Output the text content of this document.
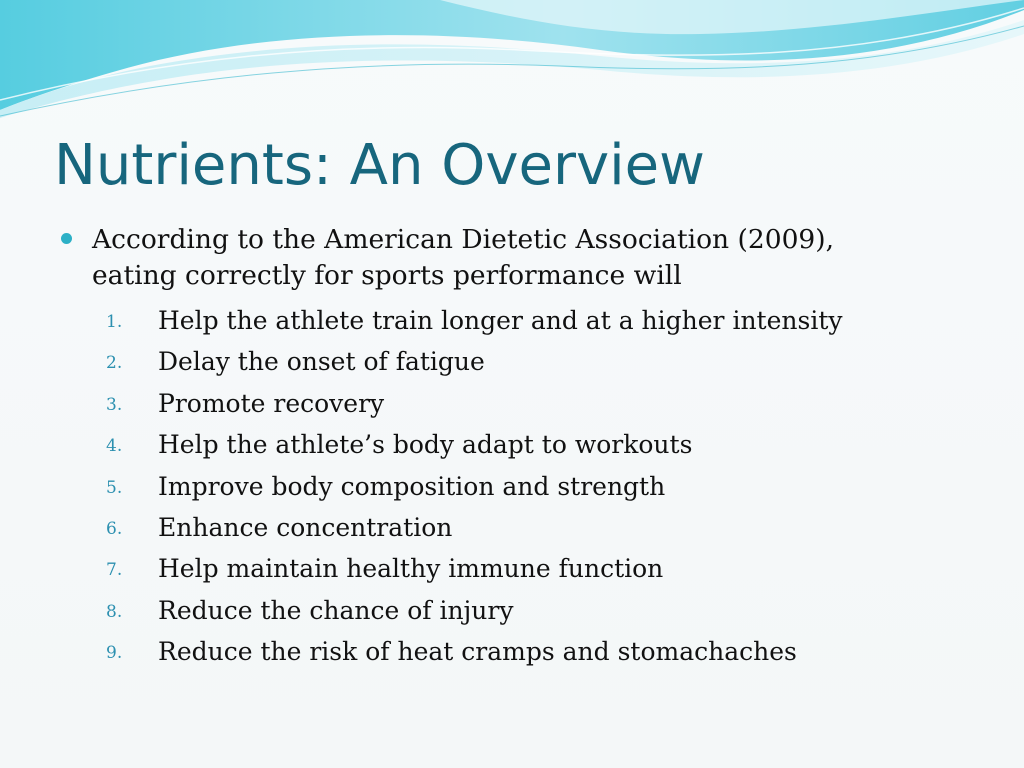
Nutrients: An Overview
According to the American Dietetic Association (2009),
eating correctly for sports performance will
1. Help the athlete train longer and at a higher intensity
2. Delay the onset of fatigue
3. Promote recovery
4. Help the athlete’s body adapt to workouts
5. Improve body composition and strength
6. Enhance concentration
7. Help maintain healthy immune function
8. Reduce the chance of injury
9. Reduce the risk of heat cramps and stomachaches
